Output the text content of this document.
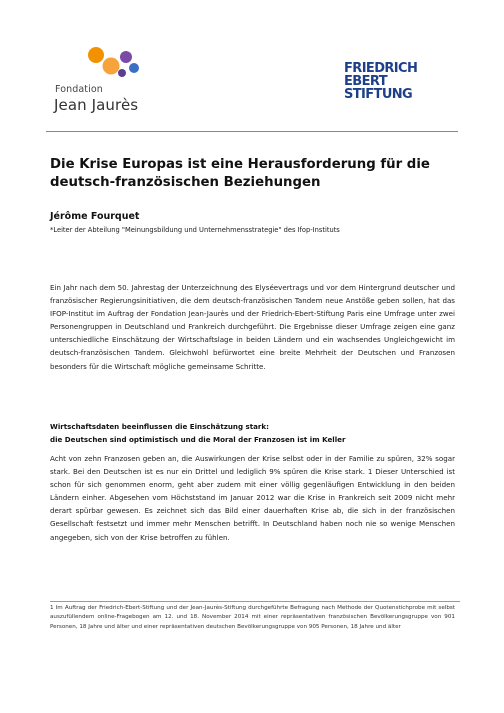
Fondation
Jean Jaurès
FRIEDRICH
EBERT
STIFTUNG
Die Krise Europas ist eine Herausforderung für die deutsch-französischen Beziehungen
Jérôme Fourquet
*Leiter der Abteilung "Meinungsbildung und Unternehmensstrategie" des Ifop-Instituts
Ein Jahr nach dem 50. Jahrestag der Unterzeichnung des Elyséevertrags und vor dem Hintergrund deutscher und französischer Regierungsinitiativen, die dem deutsch-französischen Tandem neue Anstöße geben sollen, hat das IFOP-Institut im Auftrag der Fondation Jean-Jaurès und der Friedrich-Ebert-Stiftung Paris eine Umfrage unter zwei Personengruppen in Deutschland und Frankreich durchgeführt. Die Ergebnisse dieser Umfrage zeigen eine ganz unterschiedliche Einschätzung der Wirtschaftslage in beiden Ländern und ein wachsendes Ungleichgewicht im deutsch-französischen Tandem. Gleichwohl befürwortet eine breite Mehrheit der Deutschen und Franzosen besonders für die Wirtschaft mögliche gemeinsame Schritte.
Wirtschaftsdaten beeinflussen die Einschätzung stark:
die Deutschen sind optimistisch und die Moral der Franzosen ist im Keller
Acht von zehn Franzosen geben an, die Auswirkungen der Krise selbst oder in der Familie zu spüren, 32% sogar stark. Bei den Deutschen ist es nur ein Drittel und lediglich 9% spüren die Krise stark. 1 Dieser Unterschied ist schon für sich genommen enorm, geht aber zudem mit einer völlig gegenläufigen Entwicklung in den beiden Ländern einher. Abgesehen vom Höchststand im Januar 2012 war die Krise in Frankreich seit 2009 nicht mehr derart spürbar gewesen. Es zeichnet sich das Bild einer dauerhaften Krise ab, die sich in der französischen Gesellschaft festsetzt und immer mehr Menschen betrifft. In Deutschland haben noch nie so wenige Menschen angegeben, sich von der Krise betroffen zu fühlen.
1 Im Auftrag der Friedrich-Ebert-Stiftung und der Jean-Jaurès-Stiftung durchgeführte Befragung nach Methode der Quotenstichprobe mit selbst auszufüllendem online-Fragebogen am 12. und 18. November 2014 mit einer repräsentativen französischen Bevölkerungsgruppe von 901 Personen, 18 Jahre und älter und einer repräsentativen deutschen Bevölkerungsgruppe von 905 Personen, 18 Jahre und älter
